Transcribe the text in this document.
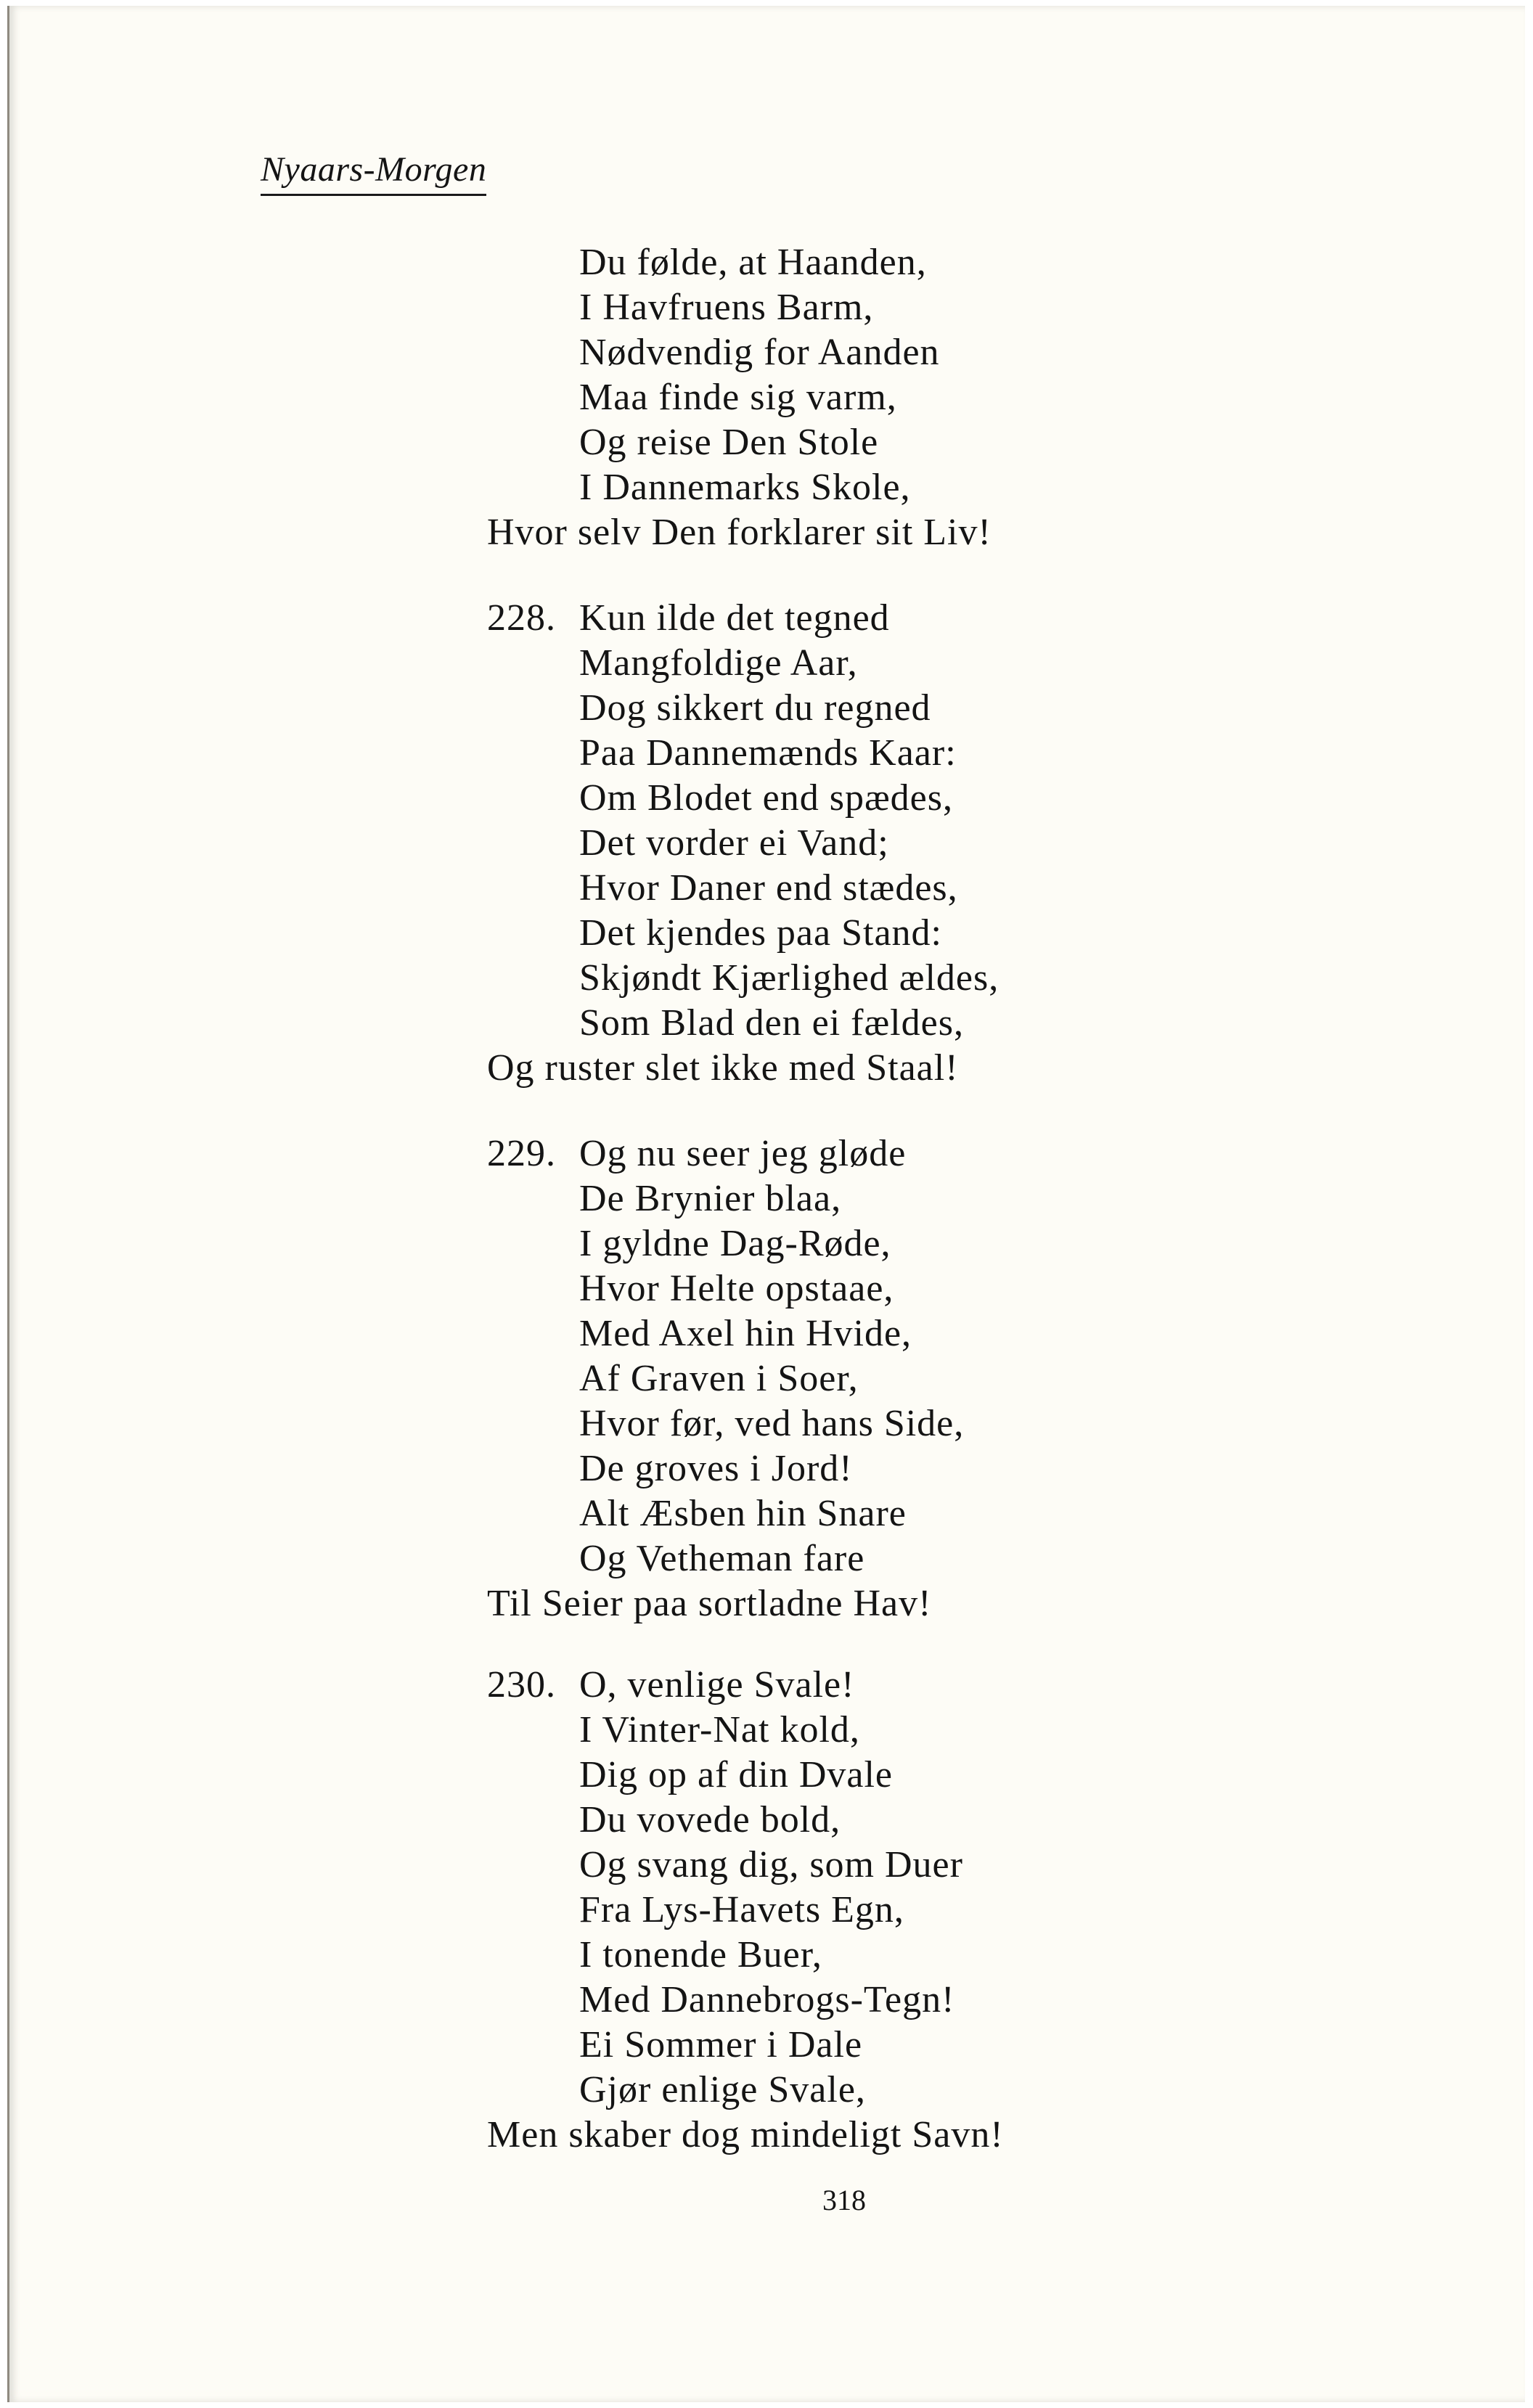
Nyaars-Morgen
Du følde, at Haanden,
I Havfruens Barm,
Nødvendig for Aanden
Maa finde sig varm,
Og reise Den Stole
I Dannemarks Skole,
Hvor selv Den forklarer sit Liv!
228. Kun ilde det tegned
Mangfoldige Aar,
Dog sikkert du regned
Paa Dannemænds Kaar:
Om Blodet end spædes,
Det vorder ei Vand;
Hvor Daner end stædes,
Det kjendes paa Stand:
Skjøndt Kjærlighed ældes,
Som Blad den ei fældes,
Og ruster slet ikke med Staal!
229. Og nu seer jeg gløde
De Brynier blaa,
I gyldne Dag-Røde,
Hvor Helte opstaae,
Med Axel hin Hvide,
Af Graven i Soer,
Hvor før, ved hans Side,
De groves i Jord!
Alt Æsben hin Snare
Og Vetheman fare
Til Seier paa sortladne Hav!
230. O, venlige Svale!
I Vinter-Nat kold,
Dig op af din Dvale
Du vovede bold,
Og svang dig, som Duer
Fra Lys-Havets Egn,
I tonende Buer,
Med Dannebrogs-Tegn!
Ei Sommer i Dale
Gjør enlige Svale,
Men skaber dog mindeligt Savn!
318
